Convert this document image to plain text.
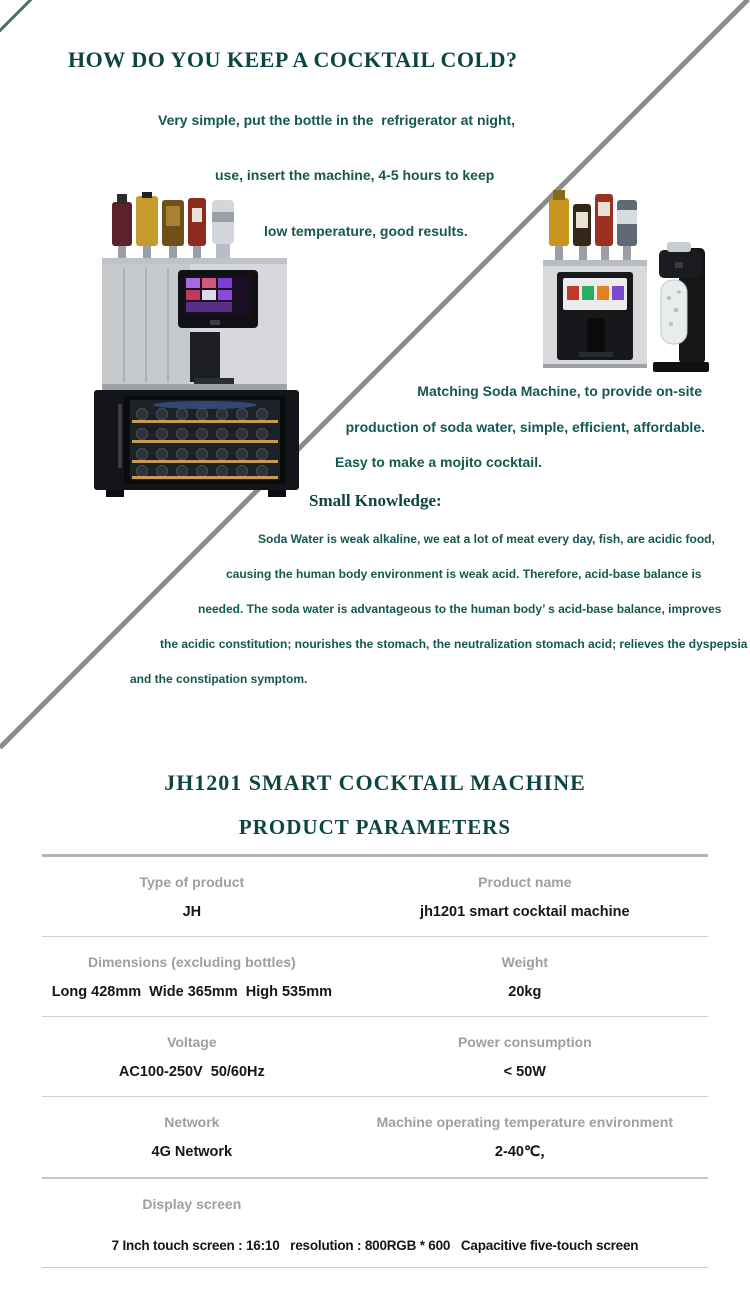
HOW DO YOU KEEP A COCKTAIL COLD?
Very simple, put the bottle in the  refrigerator at night,
use, insert the machine, 4-5 hours to keep
low temperature, good results.
Matching Soda Machine, to provide on-site
production of soda water, simple, efficient, affordable.
Easy to make a mojito cocktail.
Small Knowledge:
Soda Water is weak alkaline, we eat a lot of meat every day, fish, are acidic food,
causing the human body environment is weak acid. Therefore, acid-base balance is
needed. The soda water is advantageous to the human body’ s acid-base balance, improves
the acidic constitution; nourishes the stomach, the neutralization stomach acid; relieves the dyspepsia
and the constipation symptom.
JH1201 SMART COCKTAIL MACHINE
PRODUCT PARAMETERS
Type of product
JH
Product name
jh1201 smart cocktail machine
Dimensions (excluding bottles)
Long 428mm  Wide 365mm  High 535mm
Weight
20kg
Voltage
AC100-250V  50/60Hz
Power consumption
< 50W
Network
4G Network
Machine operating temperature environment
2-40℃，
Display screen
7 Inch touch screen : 16:10   resolution : 800RGB * 600   Capacitive five-touch screen
